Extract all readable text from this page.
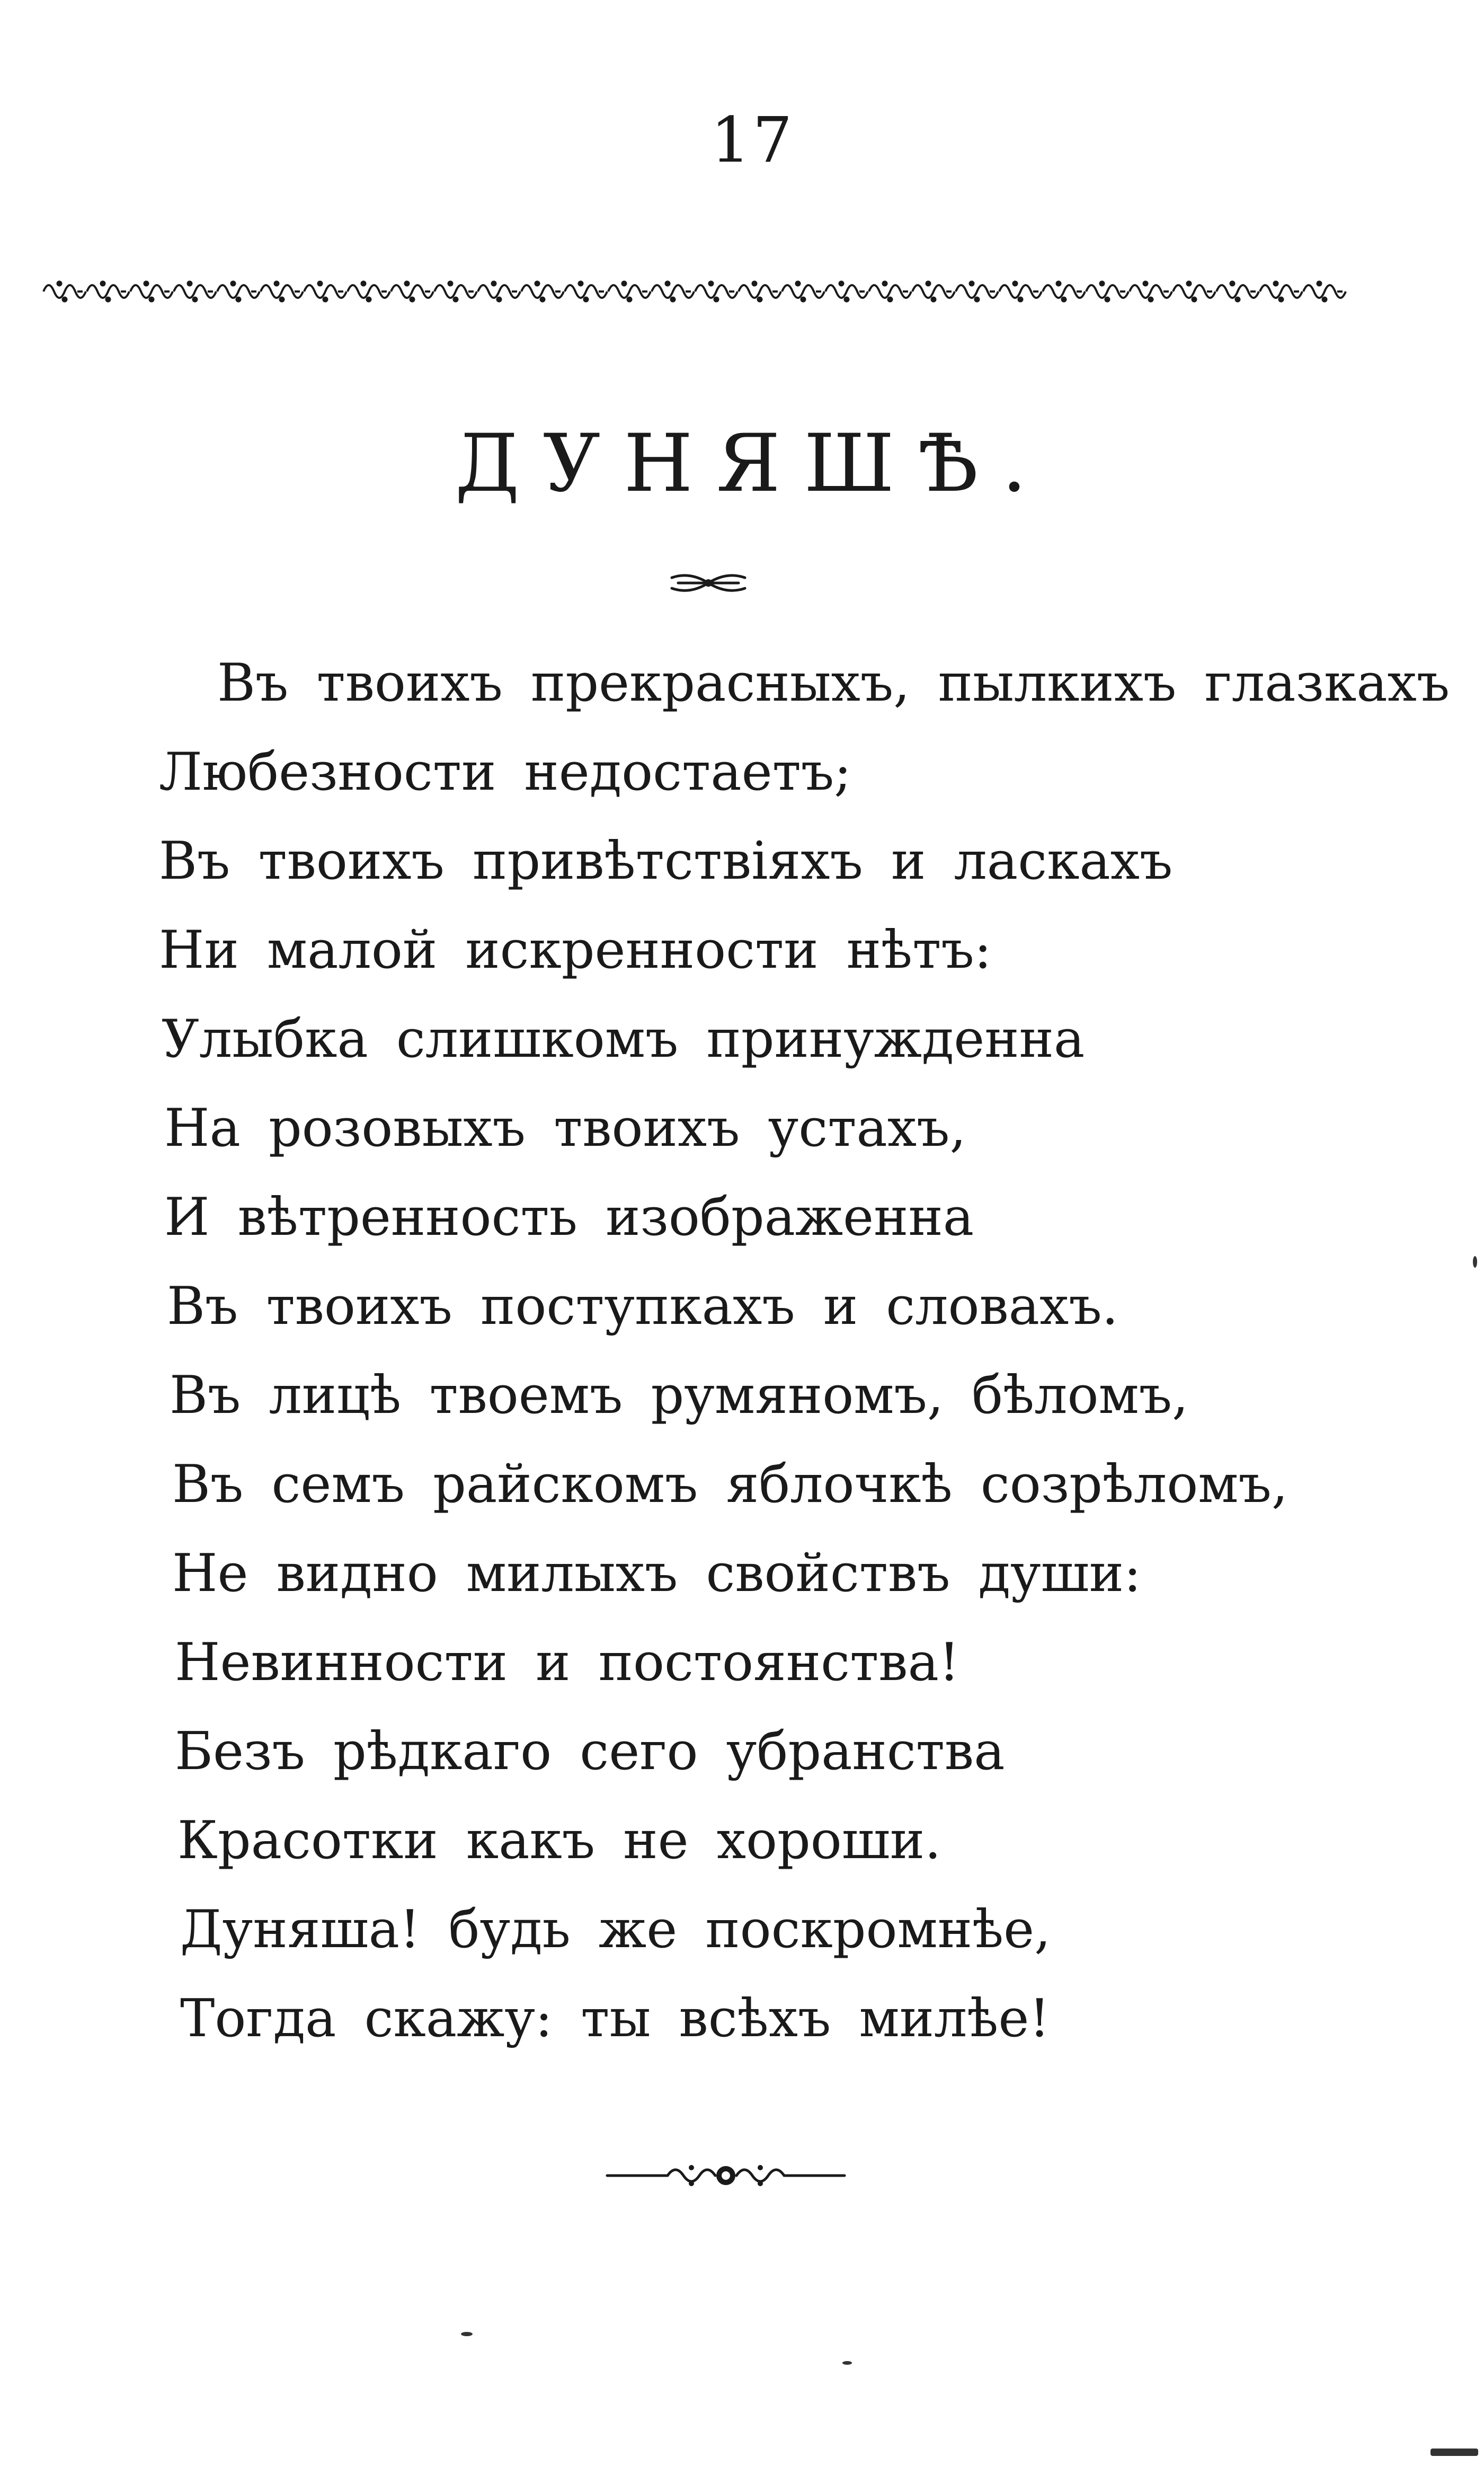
17
ДУНЯШѢ.
Въ твоихъ прекрасныхъ, пылкихъ глазкахъ
Любезности недостаетъ;
Въ твоихъ привѣтствiяхъ и ласкахъ
Ни малой искренности нѣтъ:
Улыбка слишкомъ принужденна
На розовыхъ твоихъ устахъ,
И вѣтренность изображенна
Въ твоихъ поступкахъ и словахъ.
Въ лицѣ твоемъ румяномъ, бѣломъ,
Въ семъ райскомъ яблочкѣ созрѣломъ,
Не видно милыхъ свойствъ души:
Невинности и постоянства!
Безъ рѣдкаго сего убранства
Красотки какъ не хороши.
Дуняша! будь же поскромнѣе,
Тогда скажу: ты всѣхъ милѣе!
